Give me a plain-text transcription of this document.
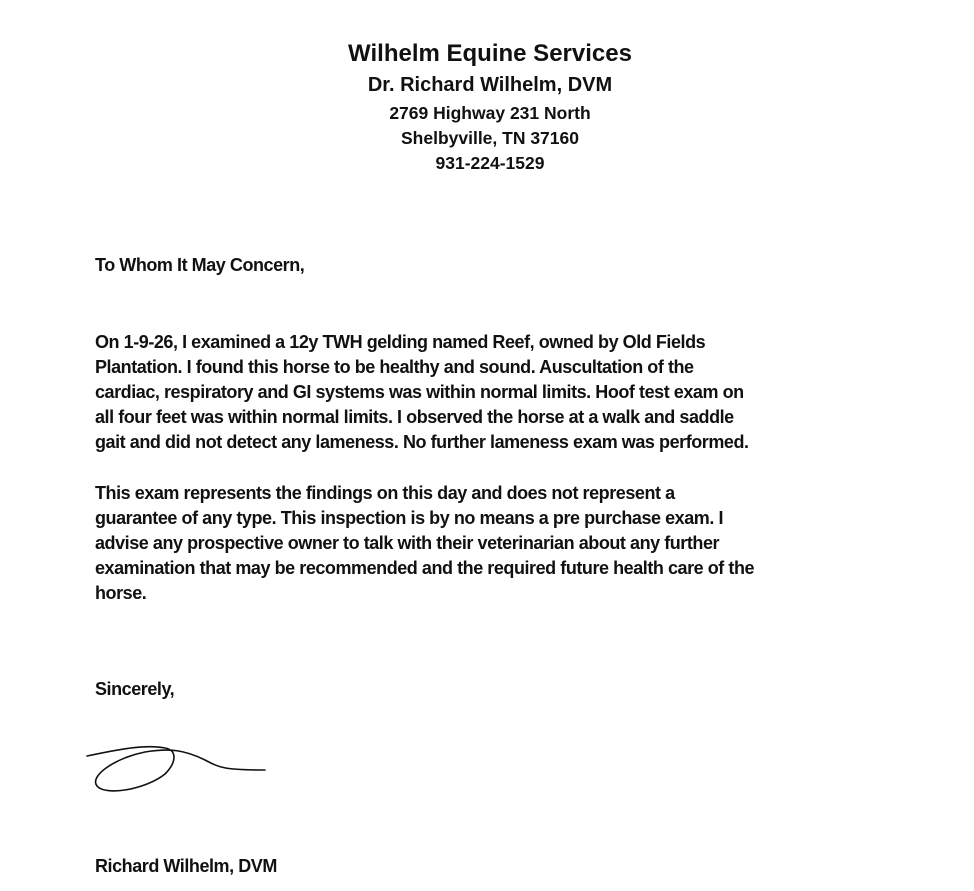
Wilhelm Equine Services
Dr. Richard Wilhelm, DVM
2769 Highway 231 North
Shelbyville, TN 37160
931-224-1529
To Whom It May Concern,
On 1-9-26, I examined a 12y TWH gelding named Reef, owned by Old Fields
Plantation. I found this horse to be healthy and sound. Auscultation of the
cardiac, respiratory and GI systems was within normal limits. Hoof test exam on
all four feet was within normal limits. I observed the horse at a walk and saddle
gait and did not detect any lameness. No further lameness exam was performed.
This exam represents the findings on this day and does not represent a
guarantee of any type. This inspection is by no means a pre purchase exam. I
advise any prospective owner to talk with their veterinarian about any further
examination that may be recommended and the required future health care of the
horse.
Sincerely,
Richard Wilhelm, DVM
